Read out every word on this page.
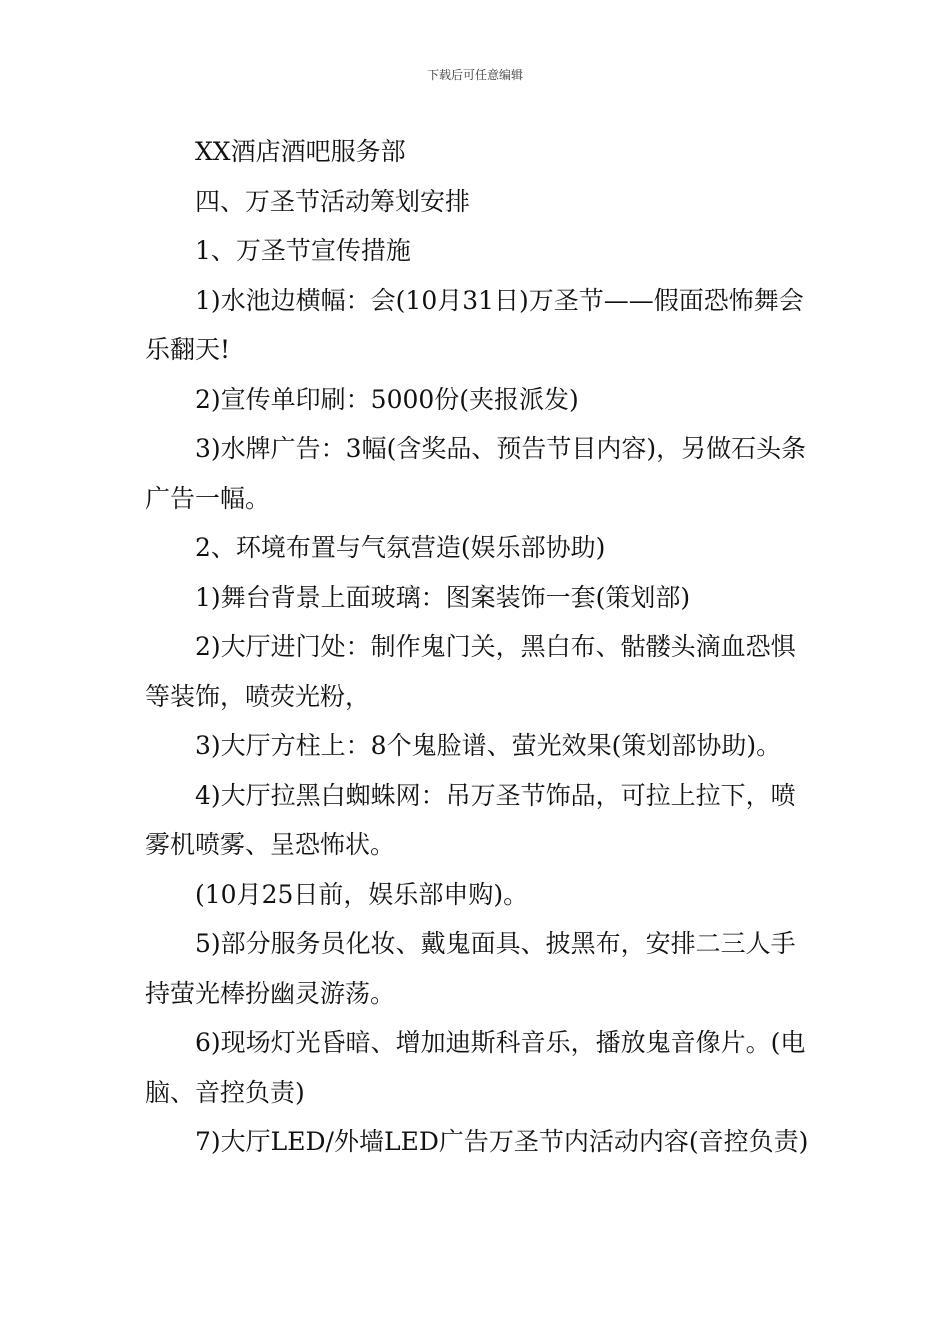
下载后可任意编辑

XX酒店酒吧服务部

四、万圣节活动筹划安排

1、万圣节宣传措施

1)水池边横幅：会(10月31日)万圣节——假面恐怖舞会乐翻天!

2)宣传单印刷：5000份(夹报派发)

3)水牌广告：3幅(含奖品、预告节目内容)，另做石头条广告一幅。

2、环境布置与气氛营造(娱乐部协助)

1)舞台背景上面玻璃：图案装饰一套(策划部)

2)大厅进门处：制作鬼门关，黑白布、骷髅头滴血恐惧等装饰，喷荧光粉，

3)大厅方柱上：8个鬼脸谱、萤光效果(策划部协助)。

4)大厅拉黑白蜘蛛网：吊万圣节饰品，可拉上拉下，喷雾机喷雾、呈恐怖状。

(10月25日前，娱乐部申购)。

5)部分服务员化妆、戴鬼面具、披黑布，安排二三人手持萤光棒扮幽灵游荡。

6)现场灯光昏暗、增加迪斯科音乐，播放鬼音像片。(电脑、音控负责)

7)大厅LED/外墙LED广告万圣节内活动内容(音控负责)
